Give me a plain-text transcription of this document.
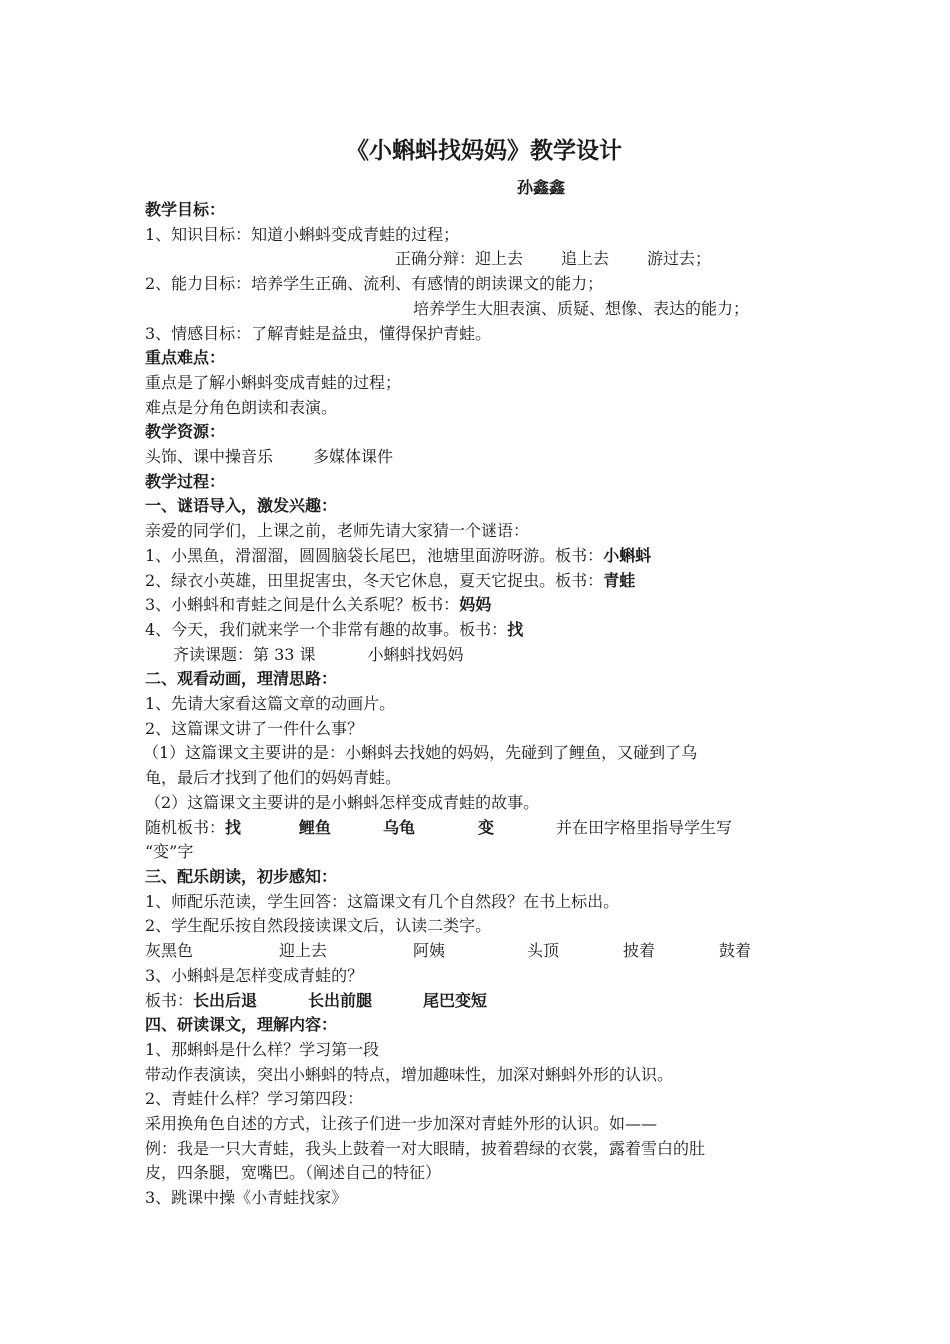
《小蝌蚪找妈妈》教学设计
孙鑫鑫
教学目标：
1、知识目标：知道小蝌蚪变成青蛙的过程；
正确分辩：迎上去 追上去 游过去；
2、能力目标：培养学生正确、流利、有感情的朗读课文的能力；
培养学生大胆表演、质疑、想像、表达的能力；
3、情感目标：了解青蛙是益虫，懂得保护青蛙。
重点难点：
重点是了解小蝌蚪变成青蛙的过程；
难点是分角色朗读和表演。
教学资源：
头饰、课中操音乐	多媒体课件
教学过程：
一、谜语导入，激发兴趣：
亲爱的同学们，上课之前，老师先请大家猜一个谜语：
1、小黑鱼，滑溜溜，圆圆脑袋长尾巴，池塘里面游呀游。板书：小蝌蚪
2、绿衣小英雄，田里捉害虫，冬天它休息，夏天它捉虫。板书：青蛙
3、小蝌蚪和青蛙之间是什么关系呢？板书：妈妈
4、今天，我们就来学一个非常有趣的故事。板书：找
齐读课题：第 33 课	小蝌蚪找妈妈
二、观看动画，理清思路：
1、先请大家看这篇文章的动画片。
2、这篇课文讲了一件什么事？
（1）这篇课文主要讲的是：小蝌蚪去找她的妈妈，先碰到了鲤鱼，又碰到了乌
龟，最后才找到了他们的妈妈青蛙。
（2）这篇课文主要讲的是小蝌蚪怎样变成青蛙的故事。
随机板书：找	鲤鱼	乌龟	变	并在田字格里指导学生写
“变”字
三、配乐朗读，初步感知：
1、师配乐范读，学生回答：这篇课文有几个自然段？在书上标出。
2、学生配乐按自然段接读课文后，认读二类字。
灰黑色	迎上去	阿姨	头顶	披着	鼓着
3、小蝌蚪是怎样变成青蛙的？
板书：长出后退	长出前腿	尾巴变短
四、研读课文，理解内容：
1、那蝌蚪是什么样？学习第一段
带动作表演读，突出小蝌蚪的特点，增加趣味性，加深对蝌蚪外形的认识。
2、青蛙什么样？学习第四段：
采用换角色自述的方式，让孩子们进一步加深对青蛙外形的认识。如——
例：我是一只大青蛙，我头上鼓着一对大眼睛，披着碧绿的衣裳，露着雪白的肚
皮，四条腿，宽嘴巴。（阐述自己的特征）
3、跳课中操《小青蛙找家》
